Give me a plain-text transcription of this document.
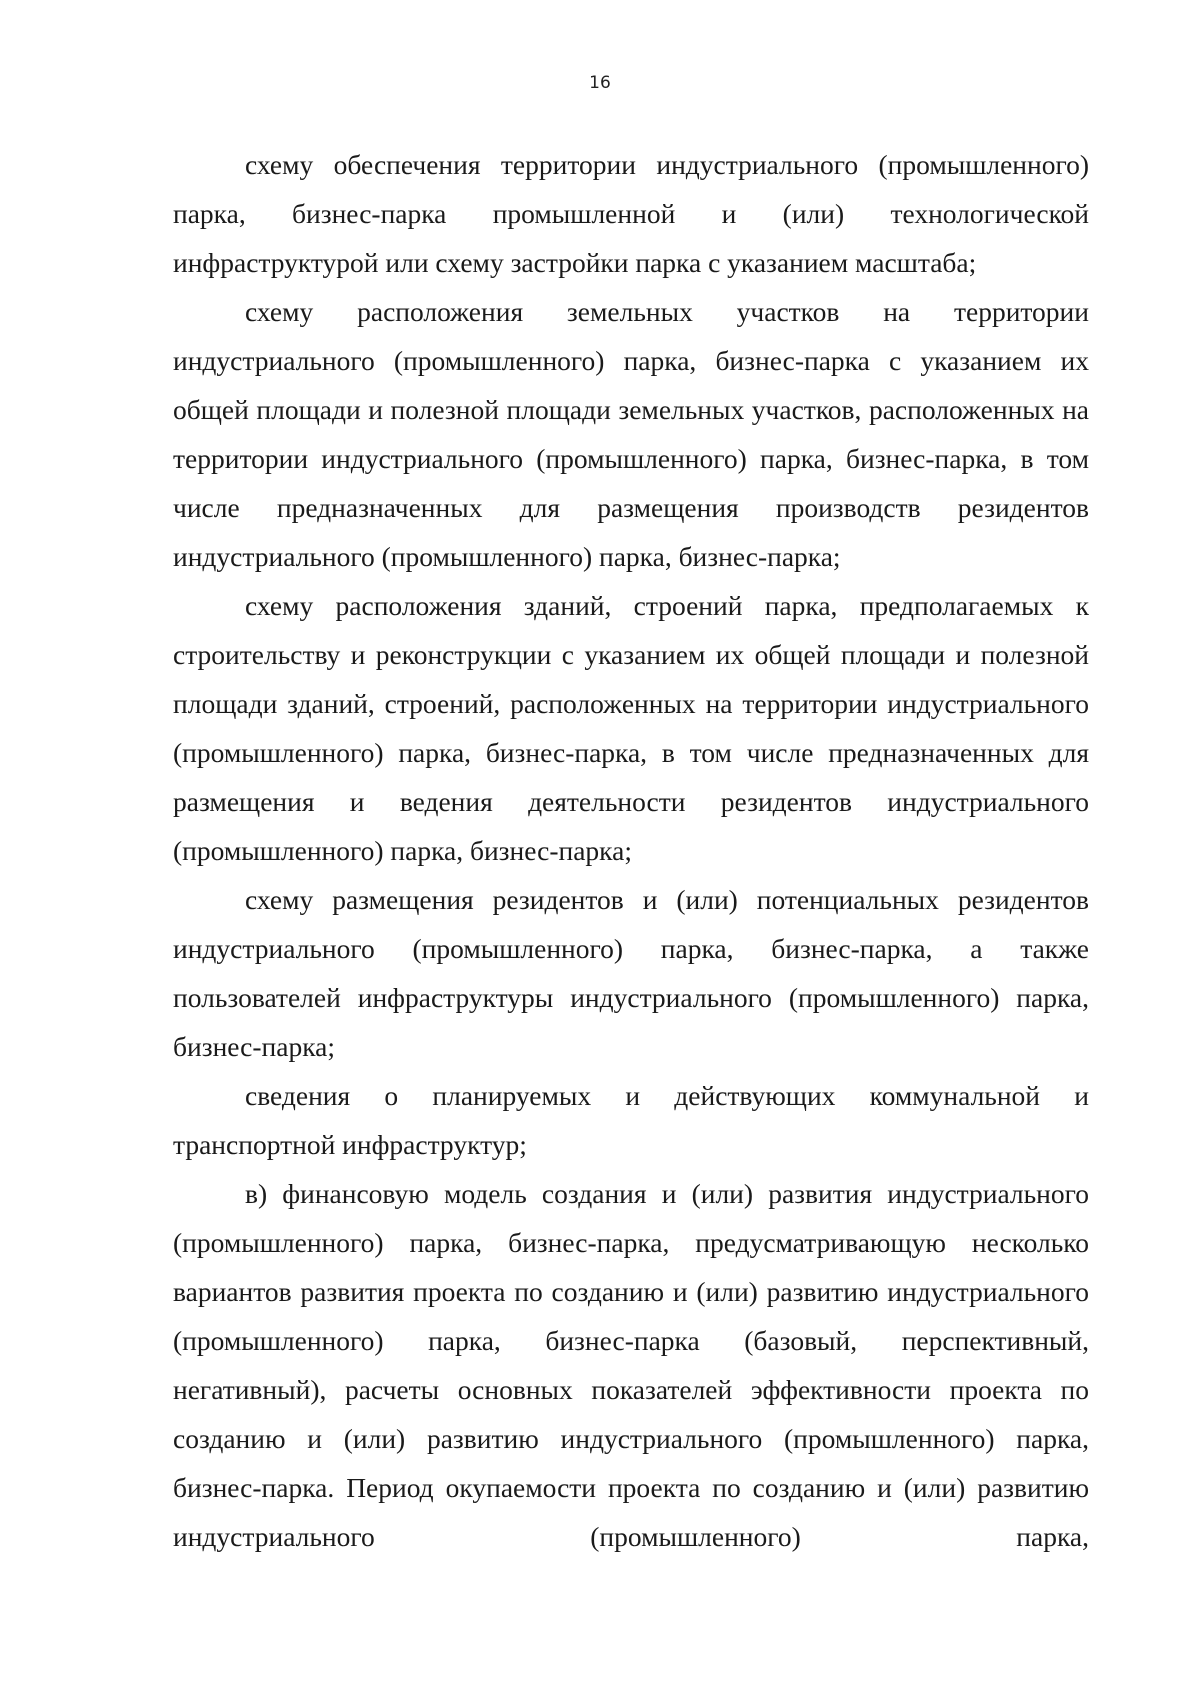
16

схему обеспечения территории индустриального (промышленного) парка, бизнес-парка промышленной и (или) технологической инфраструктурой или схему застройки парка с указанием масштаба;

схему расположения земельных участков на территории индустриального (промышленного) парка, бизнес-парка с указанием их общей площади и полезной площади земельных участков, расположенных на территории индустриального (промышленного) парка, бизнес-парка, в том числе предназначенных для размещения производств резидентов индустриального (промышленного) парка, бизнес-парка;

схему расположения зданий, строений парка, предполагаемых к строительству и реконструкции с указанием их общей площади и полезной площади зданий, строений, расположенных на территории индустриального (промышленного) парка, бизнес-парка, в том числе предназначенных для размещения и ведения деятельности резидентов индустриального (промышленного) парка, бизнес-парка;

схему размещения резидентов и (или) потенциальных резидентов индустриального (промышленного) парка, бизнес-парка, а также пользователей инфраструктуры индустриального (промышленного) парка, бизнес-парка;

сведения о планируемых и действующих коммунальной и транспортной инфраструктур;

в) финансовую модель создания и (или) развития индустриального (промышленного) парка, бизнес-парка, предусматривающую несколько вариантов развития проекта по созданию и (или) развитию индустриального (промышленного) парка, бизнес-парка (базовый, перспективный, негативный), расчеты основных показателей эффективности проекта по созданию и (или) развитию индустриального (промышленного) парка, бизнес-парка. Период окупаемости проекта по созданию и (или) развитию индустриального (промышленного) парка,
